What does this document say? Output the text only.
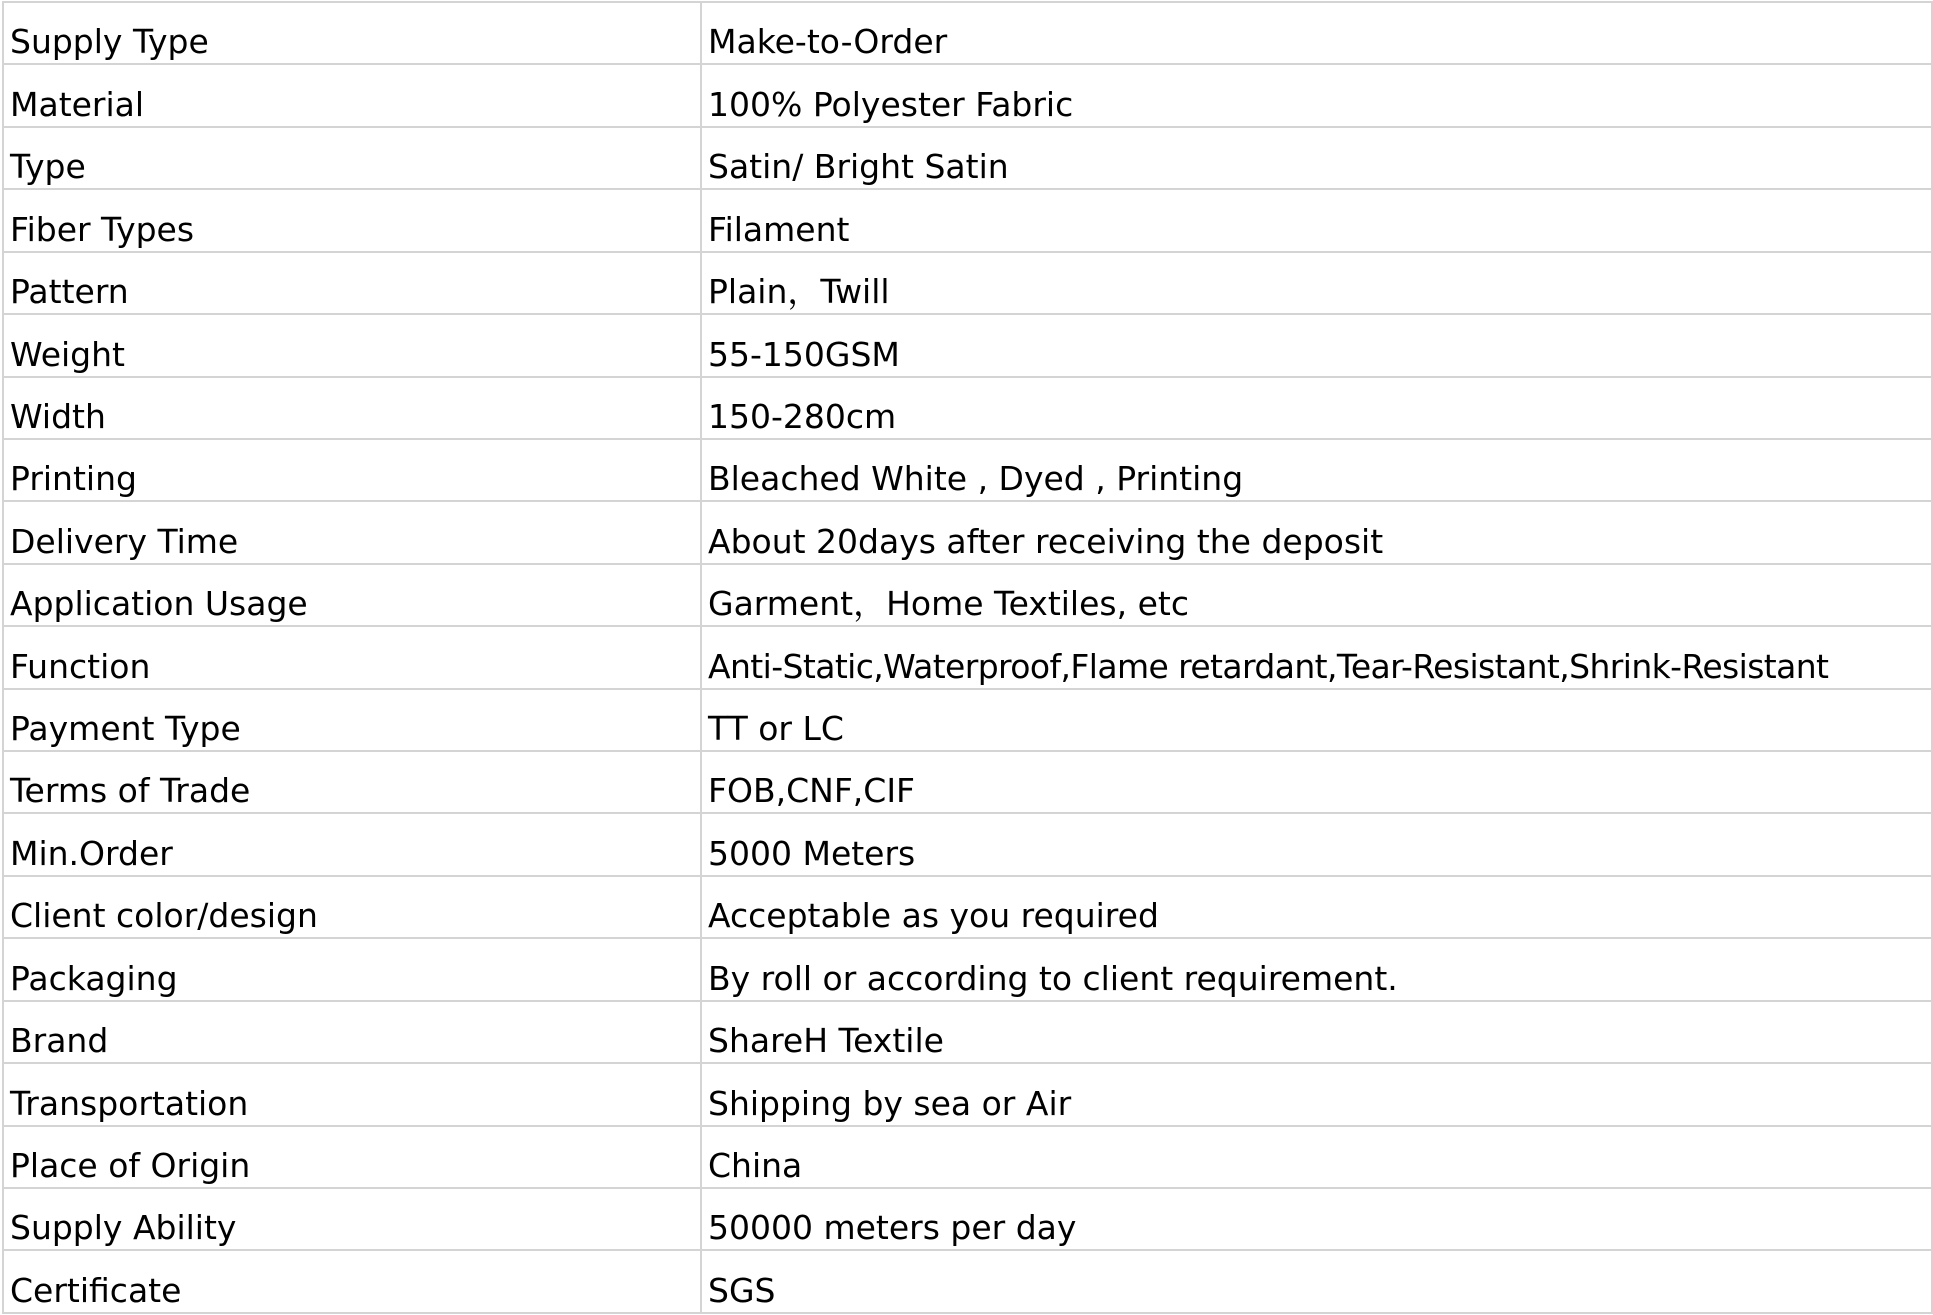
Supply Type	Make-to-Order
Material	100% Polyester Fabric
Type	Satin/ Bright Satin
Fiber Types	Filament
Pattern	Plain，Twill
Weight	55-150GSM
Width	150-280cm
Printing	Bleached White , Dyed , Printing
Delivery Time	About 20days after receiving the deposit
Application Usage	Garment，Home Textiles, etc
Function	Anti-Static,Waterproof,Flame retardant,Tear-Resistant,Shrink-Resistant
Payment Type	TT or LC
Terms of Trade	FOB,CNF,CIF
Min.Order	5000 Meters
Client color/design	Acceptable as you required
Packaging	By roll or according to client requirement.
Brand	ShareH Textile
Transportation	Shipping by sea or Air
Place of Origin	China
Supply Ability	50000 meters per day
Certificate	SGS
